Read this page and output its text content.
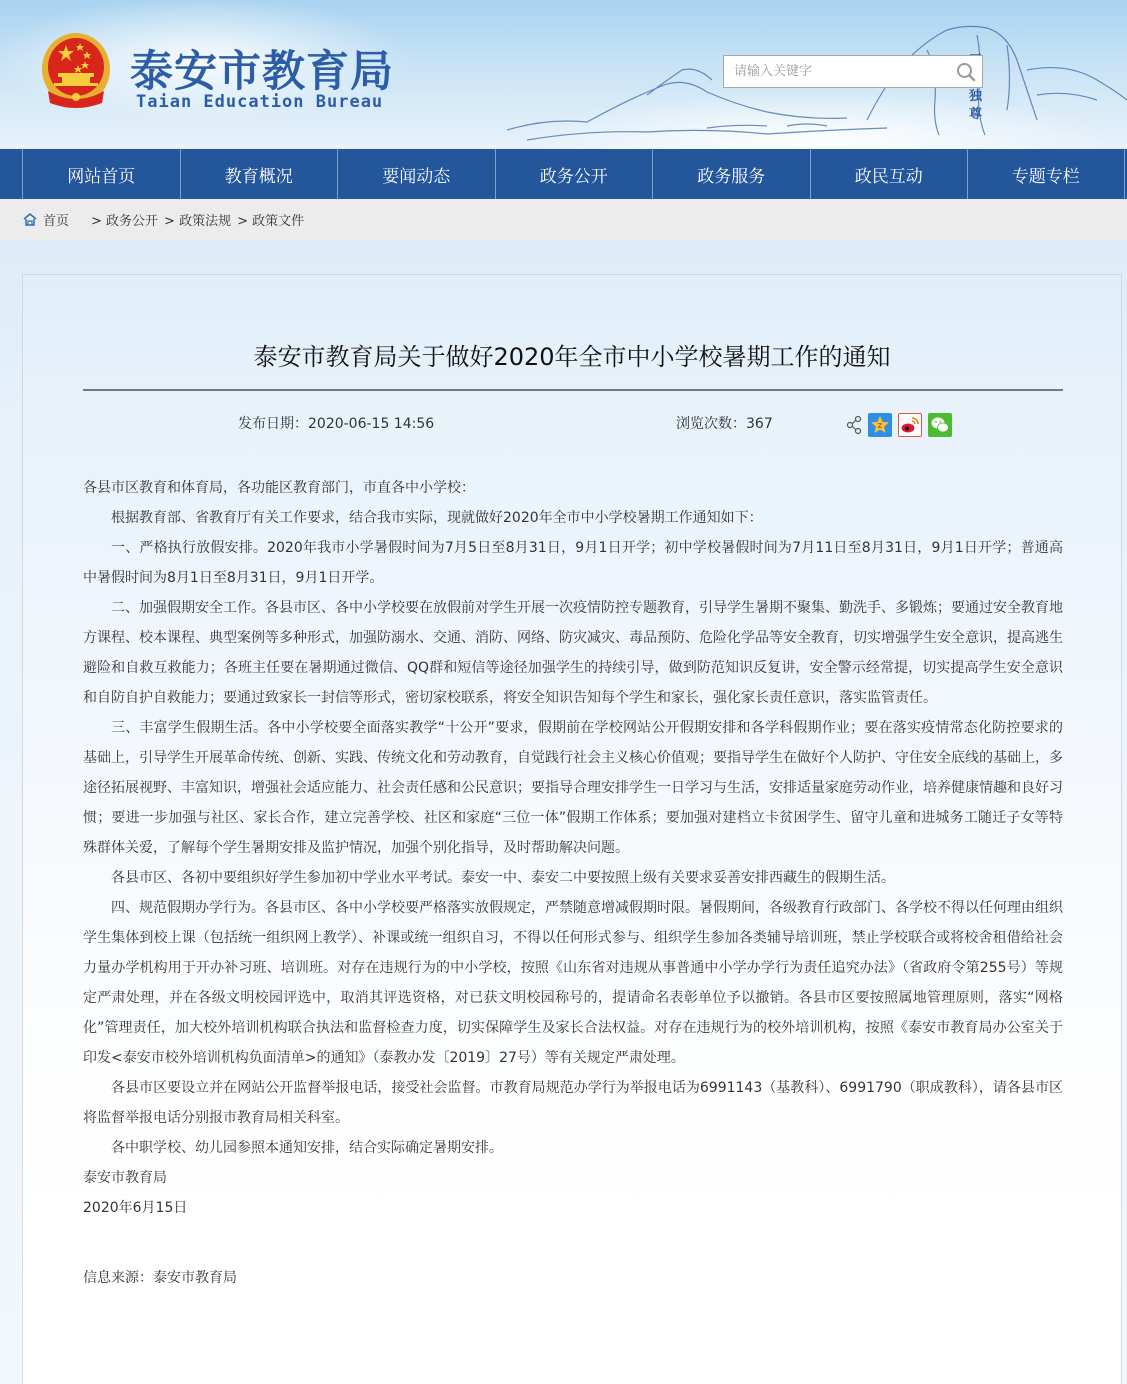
独
尊
泰安市教育局
Taian Education Bureau
请输入关键字
网站首页	教育概况	要闻动态	政务公开	政务服务	政民互动	专题专栏
首页 > 政务公开 > 政策法规 > 政策文件
泰安市教育局关于做好2020年全市中小学校暑期工作的通知
发布日期：2020-06-15 14:56	浏览次数：367	Z

各县市区教育和体育局，各功能区教育部门，市直各中小学校：

根据教育部、省教育厅有关工作要求，结合我市实际，现就做好2020年全市中小学校暑期工作通知如下：

一、严格执行放假安排。2020年我市小学暑假时间为7月5日至8月31日，9月1日开学；初中学校暑假时间为7月11日至8月31日，9月1日开学；普通高中暑假时间为8月1日至8月31日，9月1日开学。

二、加强假期安全工作。各县市区、各中小学校要在放假前对学生开展一次疫情防控专题教育，引导学生暑期不聚集、勤洗手、多锻炼；要通过安全教育地方课程、校本课程、典型案例等多种形式，加强防溺水、交通、消防、网络、防灾减灾、毒品预防、危险化学品等安全教育，切实增强学生安全意识，提高逃生避险和自救互救能力；各班主任要在暑期通过微信、QQ群和短信等途径加强学生的持续引导，做到防范知识反复讲，安全警示经常提，切实提高学生安全意识和自防自护自救能力；要通过致家长一封信等形式，密切家校联系，将安全知识告知每个学生和家长，强化家长责任意识，落实监管责任。

三、丰富学生假期生活。各中小学校要全面落实教学“十公开”要求，假期前在学校网站公开假期安排和各学科假期作业；要在落实疫情常态化防控要求的基础上，引导学生开展革命传统、创新、实践、传统文化和劳动教育，自觉践行社会主义核心价值观；要指导学生在做好个人防护、守住安全底线的基础上，多途径拓展视野、丰富知识，增强社会适应能力、社会责任感和公民意识；要指导合理安排学生一日学习与生活，安排适量家庭劳动作业，培养健康情趣和良好习惯；要进一步加强与社区、家长合作，建立完善学校、社区和家庭“三位一体”假期工作体系；要加强对建档立卡贫困学生、留守儿童和进城务工随迁子女等特殊群体关爱，了解每个学生暑期安排及监护情况，加强个别化指导，及时帮助解决问题。

各县市区、各初中要组织好学生参加初中学业水平考试。泰安一中、泰安二中要按照上级有关要求妥善安排西藏生的假期生活。

四、规范假期办学行为。各县市区、各中小学校要严格落实放假规定，严禁随意增减假期时限。暑假期间，各级教育行政部门、各学校不得以任何理由组织学生集体到校上课（包括统一组织网上教学）、补课或统一组织自习，不得以任何形式参与、组织学生参加各类辅导培训班，禁止学校联合或将校舍租借给社会力量办学机构用于开办补习班、培训班。对存在违规行为的中小学校，按照《山东省对违规从事普通中小学办学行为责任追究办法》（省政府令第255号）等规定严肃处理，并在各级文明校园评选中，取消其评选资格，对已获文明校园称号的，提请命名表彰单位予以撤销。各县市区要按照属地管理原则，落实“网格化”管理责任，加大校外培训机构联合执法和监督检查力度，切实保障学生及家长合法权益。对存在违规行为的校外培训机构，按照《泰安市教育局办公室关于印发<泰安市校外培训机构负面清单>的通知》（泰教办发〔2019〕27号）等有关规定严肃处理。

各县市区要设立并在网站公开监督举报电话，接受社会监督。市教育局规范办学行为举报电话为6991143（基教科）、6991790（职成教科），请各县市区将监督举报电话分别报市教育局相关科室。

各中职学校、幼儿园参照本通知安排，结合实际确定暑期安排。

泰安市教育局

2020年6月15日

信息来源：泰安市教育局
